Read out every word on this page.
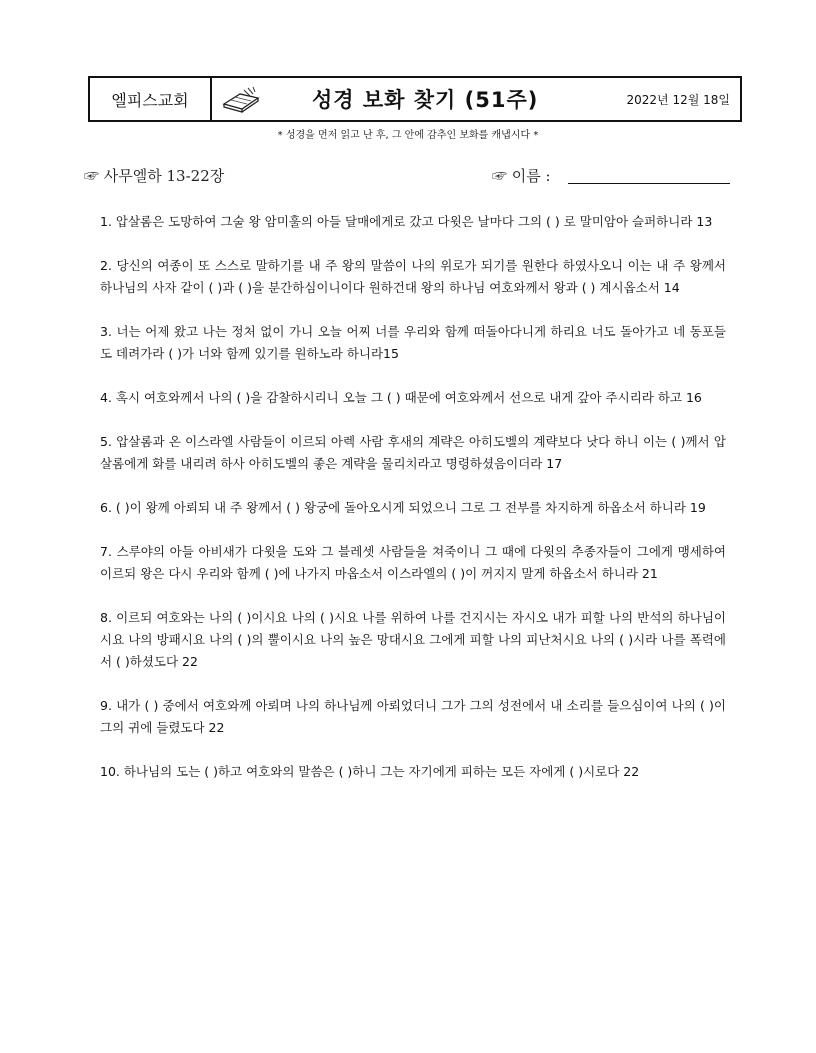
엘피스교회	성경 보화 찾기 (51주)	2022년 12월 18일
* 성경을 먼저 읽고 난 후, 그 안에 감추인 보화를 캐냅시다 *
☞ 사무엘하 13-22장	☞ 이름 :

1. 압살롬은 도망하여 그술 왕 암미훌의 아들 달매에게로 갔고 다윗은 날마다 그의 ( ) 로 말미암아 슬퍼하니라 13

2. 당신의 여종이 또 스스로 말하기를 내 주 왕의 말씀이 나의 위로가 되기를 원한다 하였사오니 이는 내 주 왕께서 하나님의 사자 같이 ( )과 ( )을 분간하심이니이다 원하건대 왕의 하나님 여호와께서 왕과 ( ) 계시옵소서 14

3. 너는 어제 왔고 나는 정처 없이 가니 오늘 어찌 너를 우리와 함께 떠돌아다니게 하리요 너도 돌아가고 네 동포들도 데려가라 ( )가 너와 함께 있기를 원하노라 하니라15

4. 혹시 여호와께서 나의 ( )을 감찰하시리니 오늘 그 ( ) 때문에 여호와께서 선으로 내게 갚아 주시리라 하고 16

5. 압살롬과 온 이스라엘 사람들이 이르되 아렉 사람 후새의 계략은 아히도벨의 계략보다 낫다 하니 이는 ( )께서 압살롬에게 화를 내리려 하사 아히도벨의 좋은 계략을 물리치라고 명령하셨음이더라 17

6. ( )이 왕께 아뢰되 내 주 왕께서 ( ) 왕궁에 돌아오시게 되었으니 그로 그 전부를 차지하게 하옵소서 하니라 19

7. 스루야의 아들 아비새가 다윗을 도와 그 블레셋 사람들을 쳐죽이니 그 때에 다윗의 추종자들이 그에게 맹세하여 이르되 왕은 다시 우리와 함께 ( )에 나가지 마옵소서 이스라엘의 ( )이 꺼지지 말게 하옵소서 하니라 21

8. 이르되 여호와는 나의 ( )이시요 나의 ( )시요 나를 위하여 나를 건지시는 자시오 내가 피할 나의 반석의 하나님이시요 나의 방패시요 나의 ( )의 뿔이시요 나의 높은 망대시요 그에게 피할 나의 피난처시요 나의 ( )시라 나를 폭력에서 ( )하셨도다 22

9. 내가 ( ) 중에서 여호와께 아뢰며 나의 하나님께 아뢰었더니 그가 그의 성전에서 내 소리를 들으심이여 나의 ( )이 그의 귀에 들렸도다 22

10. 하나님의 도는 ( )하고 여호와의 말씀은 ( )하니 그는 자기에게 피하는 모든 자에게 ( )시로다 22
